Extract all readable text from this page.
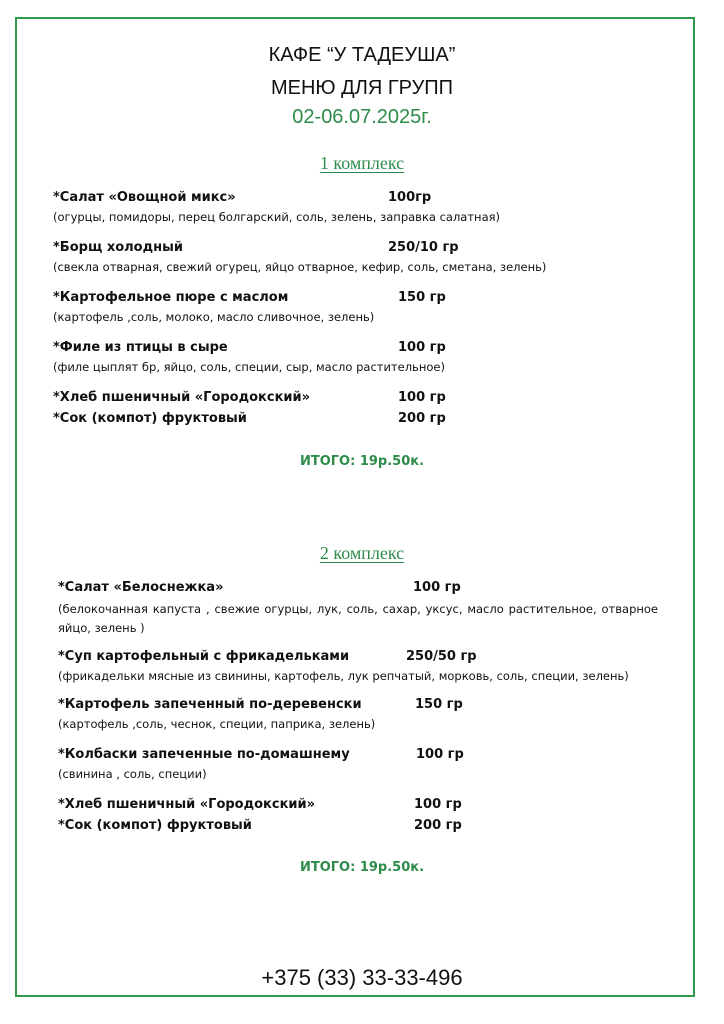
КАФЕ “У ТАДЕУША”
МЕНЮ ДЛЯ ГРУПП
02-06.07.2025г.
1 комплекс
*Салат «Овощной микс»	100гр
(огурцы, помидоры, перец болгарский, соль, зелень, заправка салатная)
*Борщ холодный	250/10 гр
(свекла отварная, свежий огурец, яйцо отварное, кефир, соль, сметана, зелень)
*Картофельное пюре с маслом	150 гр
(картофель ,соль, молоко, масло сливочное, зелень)
*Филе из птицы в сыре	100 гр
(филе цыплят бр, яйцо, соль, специи, сыр, масло растительное)
*Хлеб пшеничный «Городокский»	100 гр
*Сок (компот) фруктовый	200 гр
ИТОГО: 19р.50к.
2 комплекс
*Салат «Белоснежка»	100 гр
(белокочанная капуста , свежие огурцы, лук, соль, сахар, уксус, масло растительное, отварное яйцо, зелень )
*Суп картофельный с фрикадельками	250/50 гр
(фрикадельки мясные из свинины, картофель, лук репчатый, морковь, соль, специи, зелень)
*Картофель запеченный по-деревенски	150 гр
(картофель ,соль, чеснок, специи, паприка, зелень)
*Колбаски запеченные по-домашнему	100 гр
(свинина , соль, специи)
*Хлеб пшеничный «Городокский»	100 гр
*Сок (компот) фруктовый	200 гр
ИТОГО: 19р.50к.
+375 (33) 33-33-496
